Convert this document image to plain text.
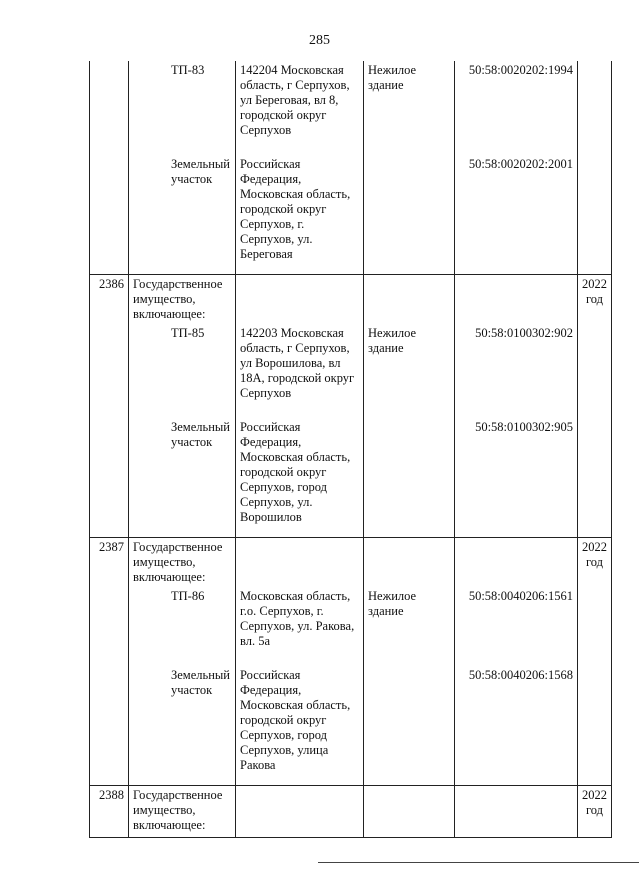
285
	ТП-83	142204 Московская область, г Серпухов, ул Береговая, вл 8, городской округ Серпухов	Нежилое здание	50:58:0020202:1994	

	Земельный участок	Российская Федерация, Московская область, городской округ Серпухов, г. Серпухов, ул. Береговая		50:58:0020202:2001	
2386	Государственное имущество, включающее:				2022 год
	ТП-85	142203 Московская область, г Серпухов, ул Ворошилова, вл 18А, городской округ Серпухов	Нежилое здание	50:58:0100302:902	

	Земельный участок	Российская Федерация, Московская область, городской округ Серпухов, город Серпухов, ул. Ворошилов		50:58:0100302:905	
2387	Государственное имущество, включающее:				2022 год
	ТП-86	Московская область, г.о. Серпухов, г. Серпухов, ул. Ракова, вл. 5а	Нежилое здание	50:58:0040206:1561	

	Земельный участок	Российская Федерация, Московская область, городской округ Серпухов, город Серпухов, улица Ракова		50:58:0040206:1568	
2388	Государственное имущество, включающее:				2022 год
